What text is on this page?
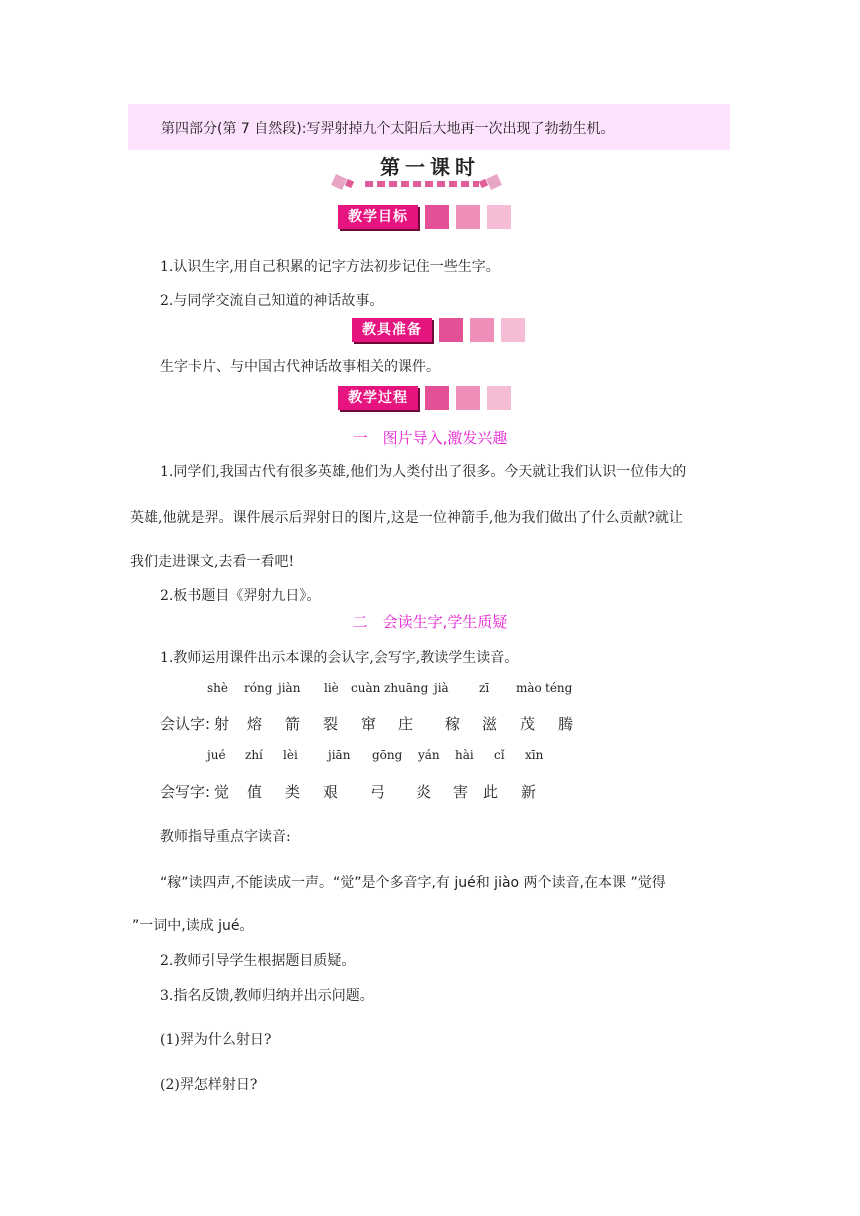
第四部分(第 7 自然段):写羿射掉九个太阳后大地再一次出现了勃勃生机。
第一课时
教学目标
1.认识生字,用自己积累的记字方法初步记住一些生字。
2.与同学交流自己知道的神话故事。
教具准备
生字卡片、与中国古代神话故事相关的课件。
教学过程
一　图片导入,激发兴趣
1.同学们,我国古代有很多英雄,他们为人类付出了很多。今天就让我们认识一位伟大的
英雄,他就是羿。课件展示后羿射日的图片,这是一位神箭手,他为我们做出了什么贡献?就让
我们走进课文,去看一看吧!
2.板书题目《羿射九日》。
二　会读生字,学生质疑
1.教师运用课件出示本课的会认字,会写字,教读学生读音。
shè róng jiàn liè cuàn zhuāng jià	zī mào téng
会认字: 射 熔 箭 裂 窜 庄 稼 滋 茂 腾
jué zhí lèi	jiān gōng yán hài cǐ xīn
会写字: 觉 值 类 艰 弓 炎 害 此 新
教师指导重点字读音:
“稼”读四声,不能读成一声。“觉”是个多音字,有 jué和 jiào 两个读音,在本课 ”觉得
”一词中,读成 jué。
2.教师引导学生根据题目质疑。
3.指名反馈,教师归纳并出示问题。
(1)羿为什么射日?
(2)羿怎样射日?
